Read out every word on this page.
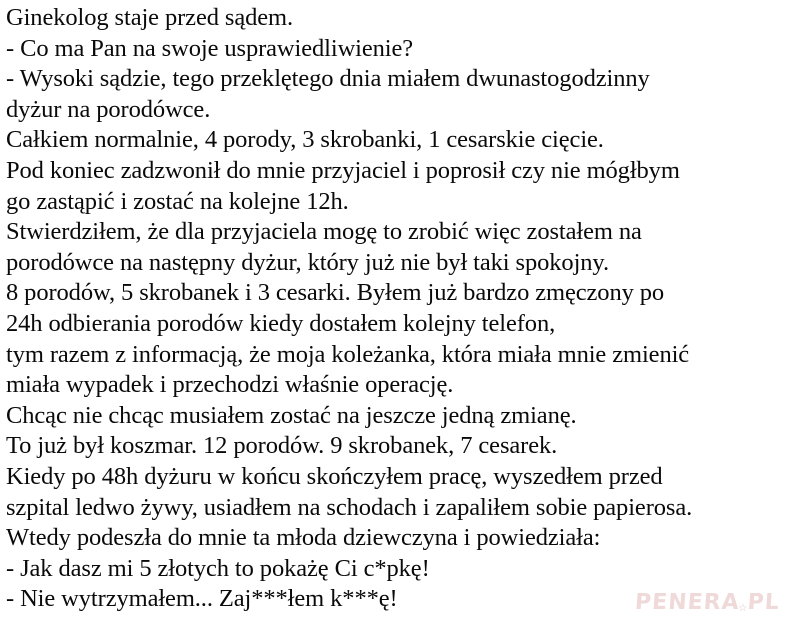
Ginekolog staje przed sądem.
- Co ma Pan na swoje usprawiedliwienie?
- Wysoki sądzie, tego przeklętego dnia miałem dwunastogodzinny
dyżur na porodówce.
Całkiem normalnie, 4 porody, 3 skrobanki, 1 cesarskie cięcie.
Pod koniec zadzwonił do mnie przyjaciel i poprosił czy nie mógłbym
go zastąpić i zostać na kolejne 12h.
Stwierdziłem, że dla przyjaciela mogę to zrobić więc zostałem na
porodówce na następny dyżur, który już nie był taki spokojny.
8 porodów, 5 skrobanek i 3 cesarki. Byłem już bardzo zmęczony po
24h odbierania porodów kiedy dostałem kolejny telefon,
tym razem z informacją, że moja koleżanka, która miała mnie zmienić
miała wypadek i przechodzi właśnie operację.
Chcąc nie chcąc musiałem zostać na jeszcze jedną zmianę.
To już był koszmar. 12 porodów. 9 skrobanek, 7 cesarek.
Kiedy po 48h dyżuru w końcu skończyłem pracę, wyszedłem przed
szpital ledwo żywy, usiadłem na schodach i zapaliłem sobie papierosa.
Wtedy podeszła do mnie ta młoda dziewczyna i powiedziała:
- Jak dasz mi 5 złotych to pokażę Ci c*pkę!
- Nie wytrzymałem... Zaj***łem k***ę!	PENERA☆PL
